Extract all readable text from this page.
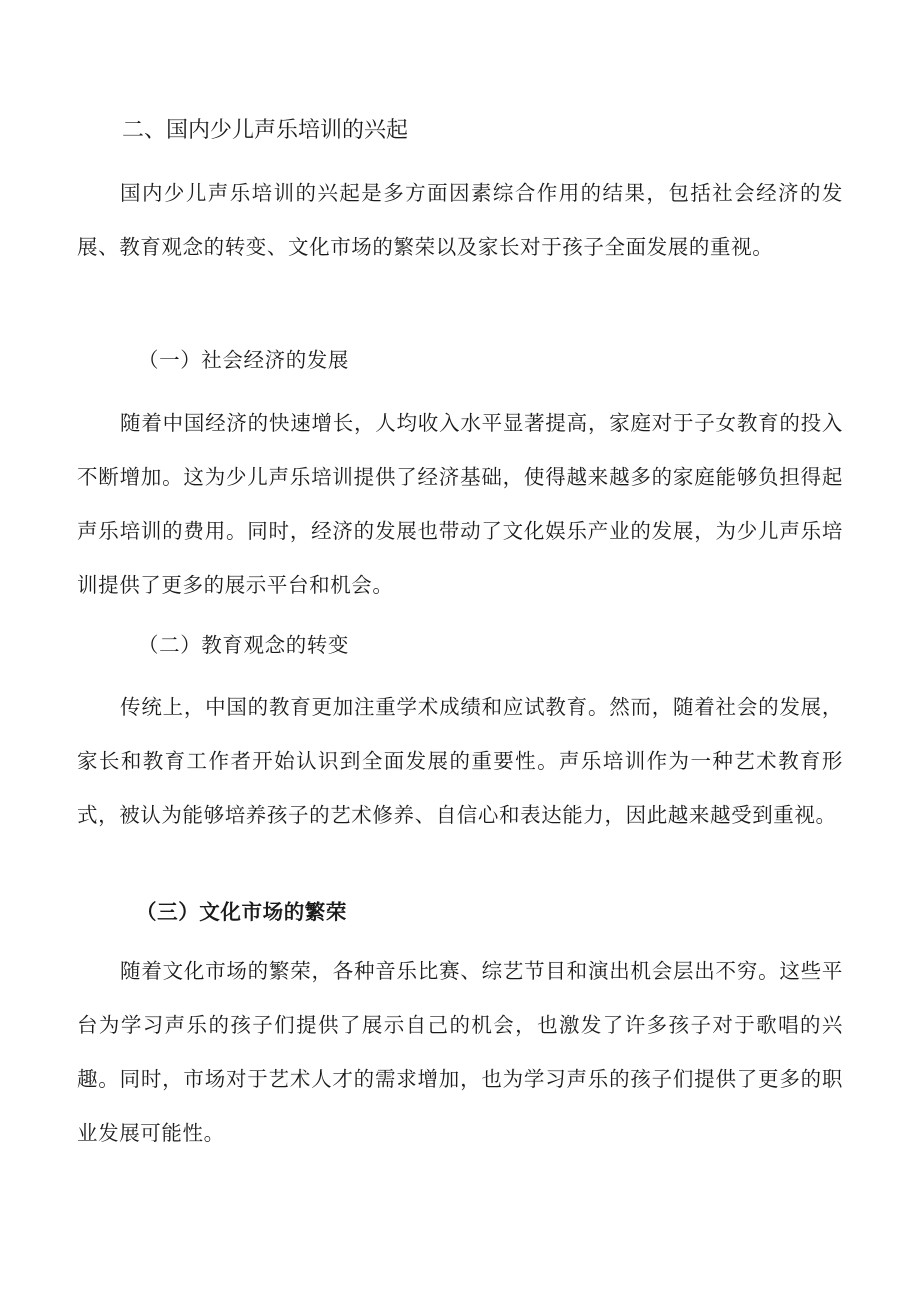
二、国内少儿声乐培训的兴起

国内少儿声乐培训的兴起是多方面因素综合作用的结果，包括社会经济的发展、教育观念的转变、文化市场的繁荣以及家长对于孩子全面发展的重视。

（一）社会经济的发展

随着中国经济的快速增长，人均收入水平显著提高，家庭对于子女教育的投入不断增加。这为少儿声乐培训提供了经济基础，使得越来越多的家庭能够负担得起声乐培训的费用。同时，经济的发展也带动了文化娱乐产业的发展，为少儿声乐培训提供了更多的展示平台和机会。

（二）教育观念的转变

传统上，中国的教育更加注重学术成绩和应试教育。然而，随着社会的发展，家长和教育工作者开始认识到全面发展的重要性。声乐培训作为一种艺术教育形式，被认为能够培养孩子的艺术修养、自信心和表达能力，因此越来越受到重视。

（三）文化市场的繁荣

随着文化市场的繁荣，各种音乐比赛、综艺节目和演出机会层出不穷。这些平台为学习声乐的孩子们提供了展示自己的机会，也激发了许多孩子对于歌唱的兴趣。同时，市场对于艺术人才的需求增加，也为学习声乐的孩子们提供了更多的职业发展可能性。
